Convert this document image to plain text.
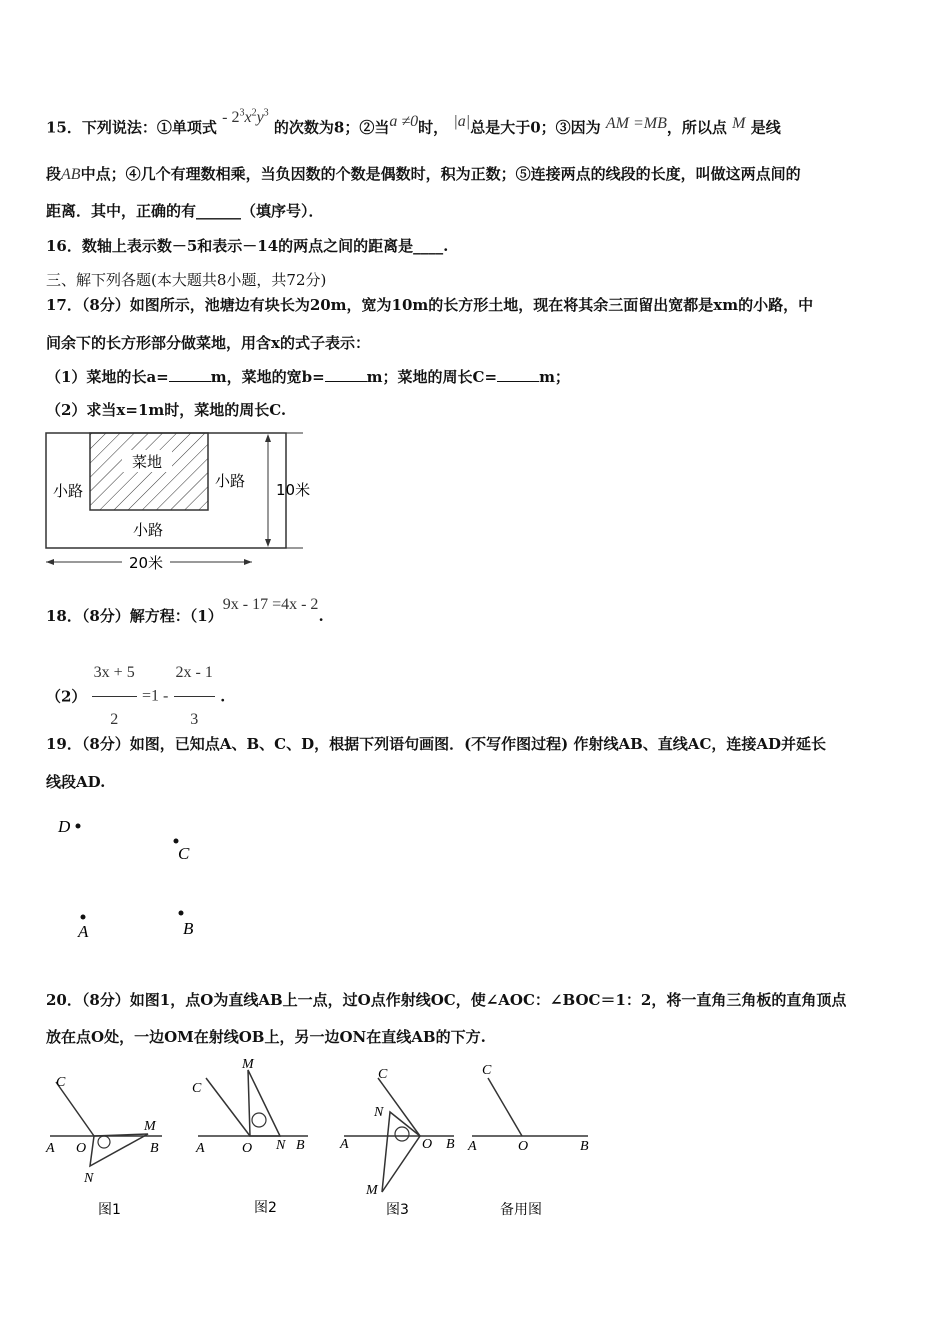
15．下列说法：①单项式 - $2^3x^2y^3$ 的次数为8；②当a ≠0时， |a|总是大于0；③因为 AM =MB，所以点 M 是线
段AB中点；④几个有理数相乘，当负因数的个数是偶数时，积为正数；⑤连接两点的线段的长度，叫做这两点间的
距离．其中，正确的有______（填序号）．
16．数轴上表示数－5和表示－14的两点之间的距离是____.
三、解下列各题(本大题共8小题，共72分)
17．（8分）如图所示，池塘边有块长为20m，宽为10m的长方形土地，现在将其余三面留出宽都是xm的小路，中
间余下的长方形部分做菜地，用含x的式子表示：
（1）菜地的长a=	m，菜地的宽b=	m；菜地的周长C=	m；
（2）求当x=1m时，菜地的周长C.
菜地
小路
小路
小路
10米
20米
18．（8分）解方程：（1）9x - 17 =4x - 2.
$(2) \frac{3x + 5}{2} =1 - \frac{2x - 1}{3}$ .
19．（8分）如图，已知点A、B、C、D，根据下列语句画图．(不写作图过程) 作射线AB、直线AC，连接AD并延长
线段AD.
D
C
A	B
20．（8分）如图1，点O为直线AB上一点，过O点作射线OC，使∠AOC：∠BOC＝1：2，将一直角三角板的直角顶点
放在点O处，一边OM在射线OB上，另一边ON在直线AB的下方.
C
A O
M
B
N
图1
C
M
A	O N B
图2
C
N
A	O B
M
图3
C
A	O	B
备用图
